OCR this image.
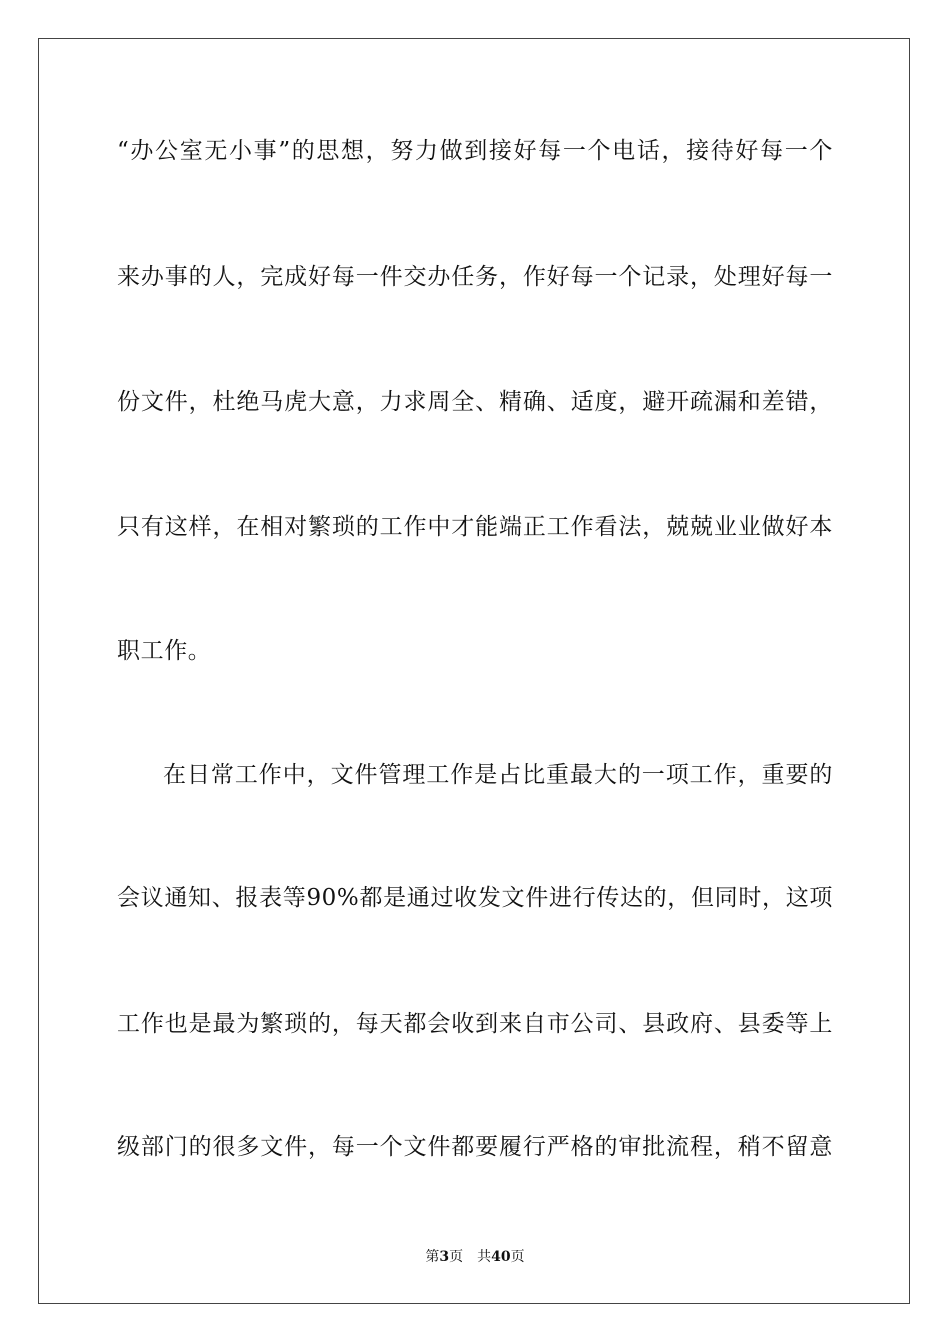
“办公室无小事”的思想，努力做到接好每一个电话，接待好每一个
来办事的人，完成好每一件交办任务，作好每一个记录，处理好每一
份文件，杜绝马虎大意，力求周全、精确、适度，避开疏漏和差错，
只有这样，在相对繁琐的工作中才能端正工作看法，兢兢业业做好本
职工作。
在日常工作中，文件管理工作是占比重最大的一项工作，重要的
会议通知、报表等90%都是通过收发文件进行传达的，但同时，这项
工作也是最为繁琐的，每天都会收到来自市公司、县政府、县委等上
级部门的很多文件，每一个文件都要履行严格的审批流程，稍不留意
第3页 共40页
